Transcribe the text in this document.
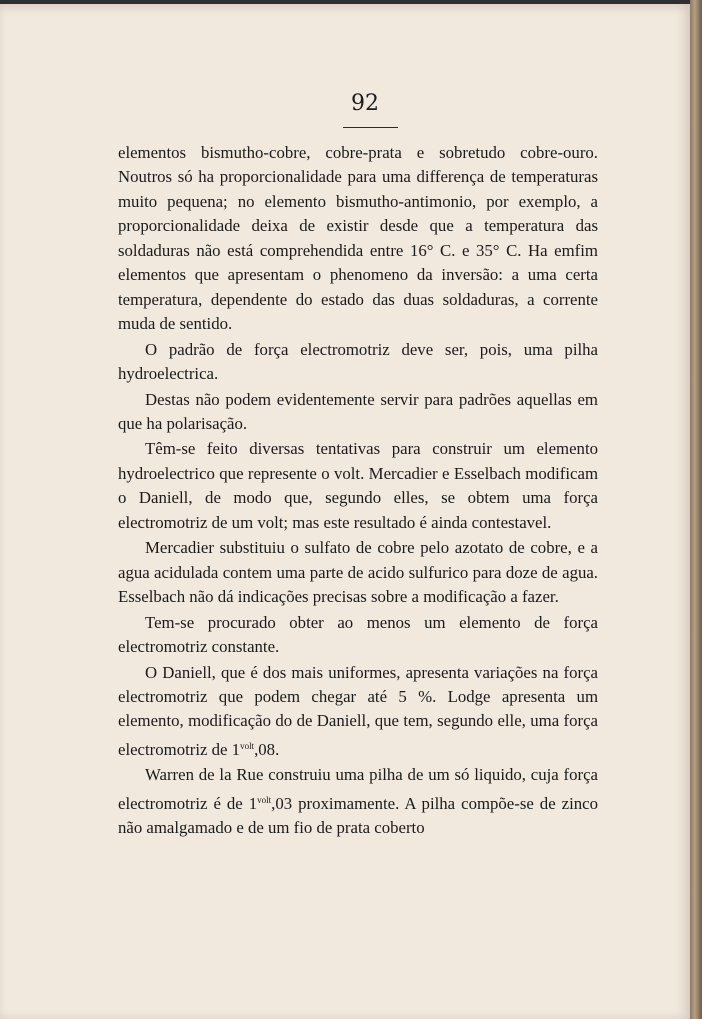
92

elementos bismutho-cobre, cobre-prata e sobretudo cobre-ouro. Noutros só ha proporcionalidade para uma differença de temperaturas muito pequena; no elemento bismutho-antimonio, por exemplo, a proporcionalidade deixa de existir desde que a temperatura das soldaduras não está comprehendida entre 16° C. e 35° C. Ha emfim elementos que apresentam o phenomeno da inversão: a uma certa temperatura, dependente do estado das duas soldaduras, a corrente muda de sentido.

O padrão de força electromotriz deve ser, pois, uma pilha hydroelectrica.

Destas não podem evidentemente servir para padrões aquellas em que ha polarisação.

Têm-se feito diversas tentativas para construir um elemento hydroelectrico que represente o volt. Mercadier e Esselbach modificam o Daniell, de modo que, segundo elles, se obtem uma força electromotriz de um volt; mas este resultado é ainda contestavel.

Mercadier substituiu o sulfato de cobre pelo azotato de cobre, e a agua acidulada contem uma parte de acido sulfurico para doze de agua. Esselbach não dá indicações precisas sobre a modificação a fazer.

Tem-se procurado obter ao menos um elemento de força electromotriz constante.

O Daniell, que é dos mais uniformes, apresenta variações na força electromotriz que podem chegar até 5 %. Lodge apresenta um elemento, modificação do de Daniell, que tem, segundo elle, uma força electromotriz de $1^{volt},08$.

Warren de la Rue construiu uma pilha de um só liquido, cuja força electromotriz é de $1^{volt},03$ proximamente. A pilha compõe-se de zinco não amalgamado e de um fio de prata coberto
